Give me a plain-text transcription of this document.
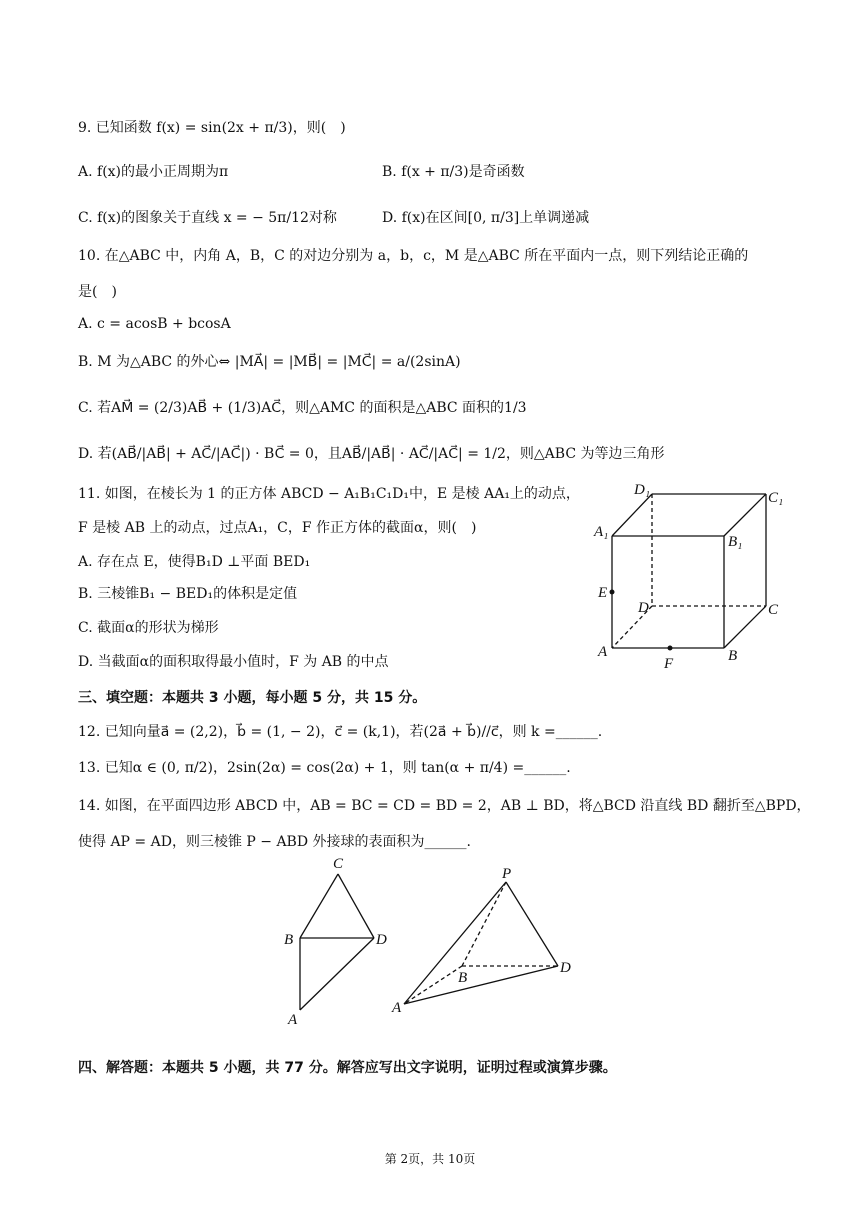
9. 已知函数 f(x) = sin(2x + π/3)，则(　)
A. f(x)的最小正周期为π	B. f(x + π/3)是奇函数
C. f(x)的图象关于直线 x = − 5π/12对称	D. f(x)在区间[0, π/3]上单调递减
10. 在△ABC 中，内角 A，B，C 的对边分别为 a，b，c，M 是△ABC 所在平面内一点，则下列结论正确的
是(　)
A. c = acosB + bcosA
B. M 为△ABC 的外心⇔ |MA⃗| = |MB⃗| = |MC⃗| = a/(2sinA)
C. 若AM⃗ = (2/3)AB⃗ + (1/3)AC⃗，则△AMC 的面积是△ABC 面积的1/3
D. 若(AB⃗/|AB⃗| + AC⃗/|AC⃗|) · BC⃗ = 0，且AB⃗/|AB⃗| · AC⃗/|AC⃗| = 1/2，则△ABC 为等边三角形
11. 如图，在棱长为 1 的正方体 ABCD − A₁B₁C₁D₁中，E 是棱 AA₁上的动点，
F 是棱 AB 上的动点，过点A₁，C，F 作正方体的截面α，则(　)
A. 存在点 E，使得B₁D ⊥平面 BED₁
B. 三棱锥B₁ − BED₁的体积是定值
C. 截面α的形状为梯形
D. 当截面α的面积取得最小值时，F 为 AB 的中点
D₁	C₁
A₁
B₁
E
D	C
A
F	B
三、填空题：本题共 3 小题，每小题 5 分，共 15 分。
12. 已知向量a⃗ = (2,2)，b⃗ = (1, − 2)，c⃗ = (k,1)，若(2a⃗ + b⃗)//c⃗，则 k =______.
13. 已知α ∈ (0, π/2)，2sin(2α) = cos(2α) + 1，则 tan(α + π/4) =______.
14. 如图，在平面四边形 ABCD 中，AB = BC = CD = BD = 2，AB ⊥ BD，将△BCD 沿直线 BD 翻折至△BPD，
使得 AP = AD，则三棱锥 P − ABD 外接球的表面积为______.
C
B	D
A
P
B
D
A
四、解答题：本题共 5 小题，共 77 分。解答应写出文字说明，证明过程或演算步骤。
第 2页，共 10页
